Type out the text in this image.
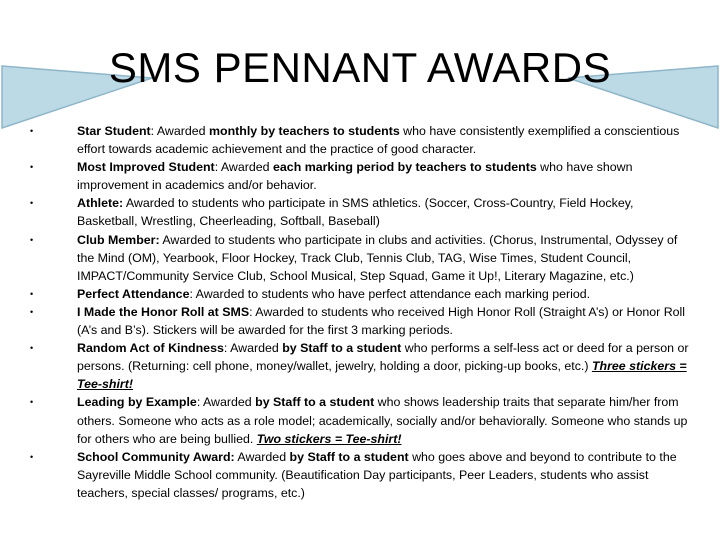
SMS PENNANT AWARDS
•	Star Student: Awarded monthly by teachers to students who have consistently exemplified a conscientious effort towards academic achievement and the practice of good character.
•	Most Improved Student: Awarded each marking period by teachers to students who have shown improvement in academics and/or behavior.
•	Athlete: Awarded to students who participate in SMS athletics. (Soccer, Cross-Country, Field Hockey, Basketball, Wrestling, Cheerleading, Softball, Baseball)
•	Club Member: Awarded to students who participate in clubs and activities. (Chorus, Instrumental, Odyssey of the Mind (OM), Yearbook, Floor Hockey, Track Club, Tennis Club, TAG, Wise Times, Student Council, IMPACT/Community Service Club, School Musical, Step Squad, Game it Up!, Literary Magazine, etc.)
•	Perfect Attendance: Awarded to students who have perfect attendance each marking period.
•	I Made the Honor Roll at SMS: Awarded to students who received High Honor Roll (Straight A’s) or Honor Roll (A’s and B’s). Stickers will be awarded for the first 3 marking periods.
•	Random Act of Kindness: Awarded by Staff to a student who performs a self-less act or deed for a person or persons. (Returning: cell phone, money/wallet, jewelry, holding a door, picking-up books, etc.) Three stickers = Tee-shirt!
•	Leading by Example: Awarded by Staff to a student who shows leadership traits that separate him/her from others. Someone who acts as a role model; academically, socially and/or behaviorally. Someone who stands up for others who are being bullied. Two stickers = Tee-shirt!
•	School Community Award: Awarded by Staff to a student who goes above and beyond to contribute to the Sayreville Middle School community. (Beautification Day participants, Peer Leaders, students who assist teachers, special classes/ programs, etc.)
